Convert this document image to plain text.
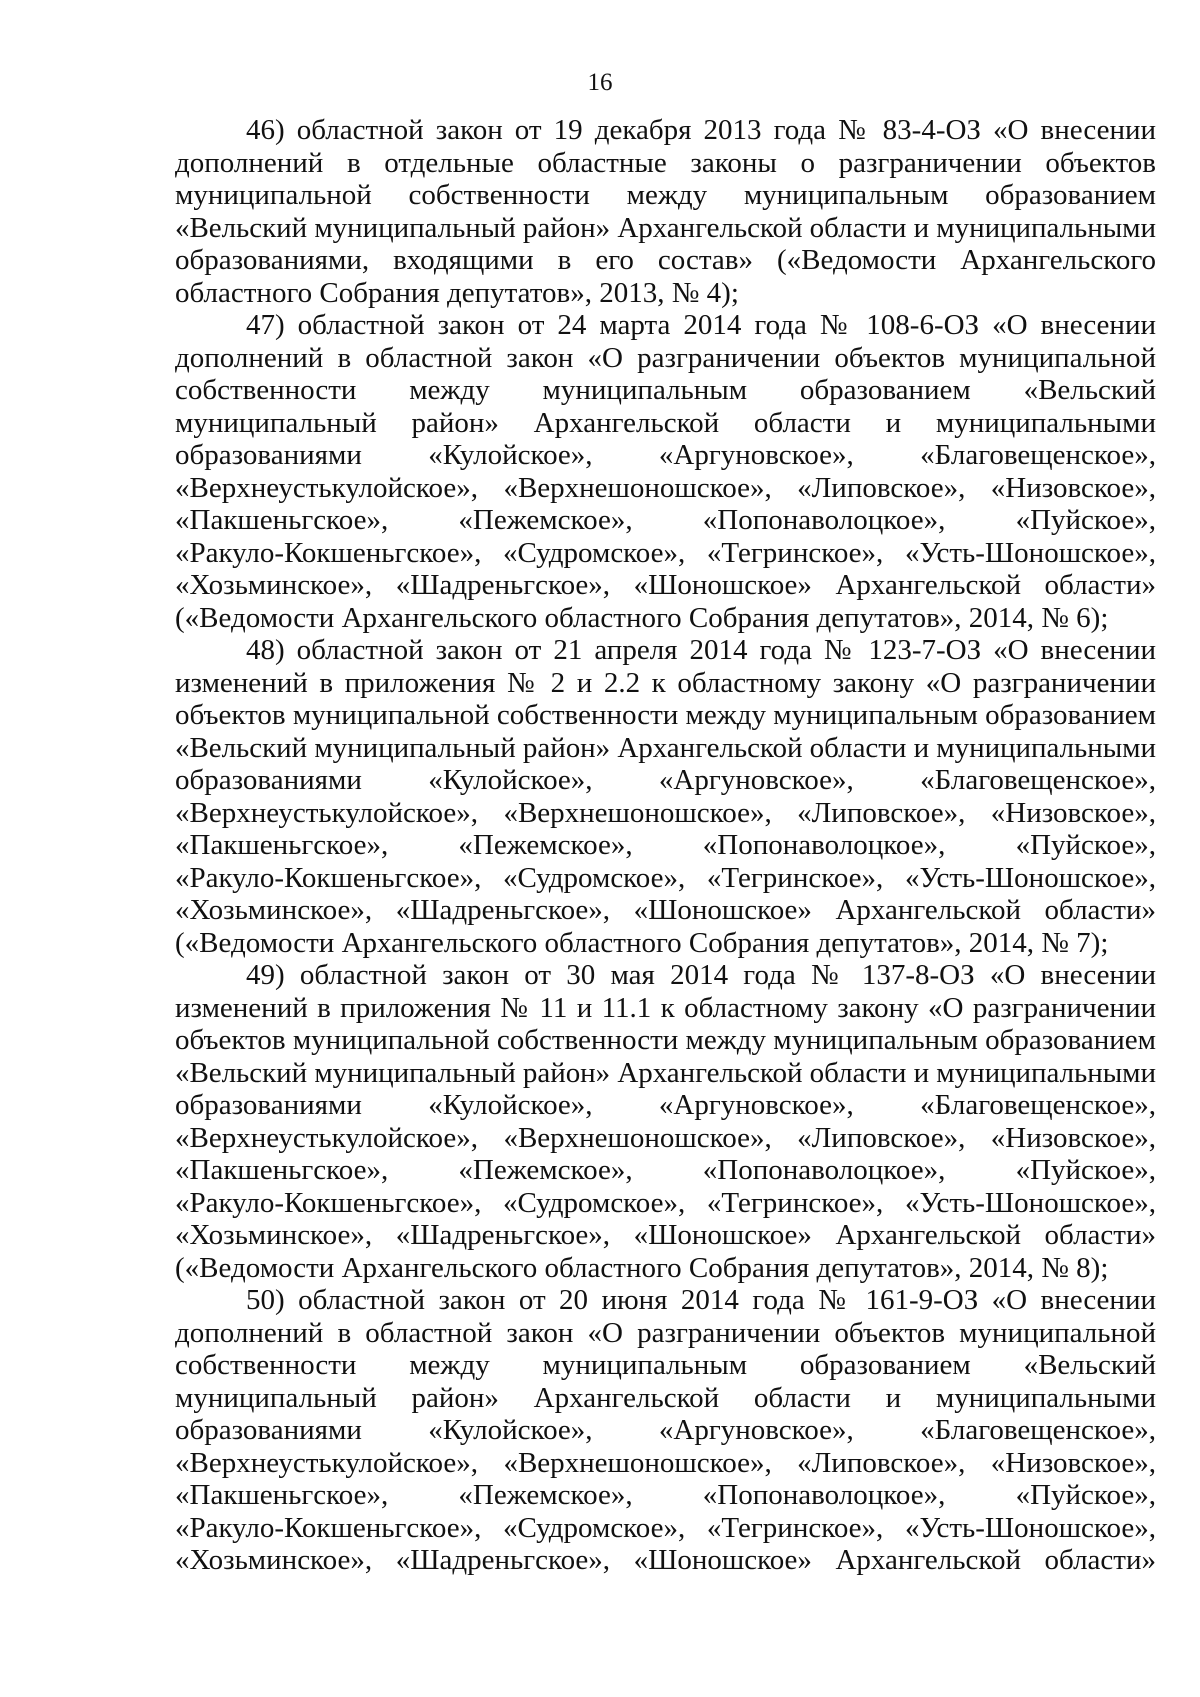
16

46) областной закон от 19 декабря 2013 года № 83-4-ОЗ «О внесении
дополнений в отдельные областные законы о разграничении объектов
муниципальной собственности между муниципальным образованием
«Вельский муниципальный район» Архангельской области и муниципальными
образованиями, входящими в его состав» («Ведомости Архангельского
областного Собрания депутатов», 2013, № 4);

47) областной закон от 24 марта 2014 года № 108-6-ОЗ «О внесении
дополнений в областной закон «О разграничении объектов муниципальной
собственности между муниципальным образованием «Вельский
муниципальный район» Архангельской области и муниципальными
образованиями «Кулойское», «Аргуновское», «Благовещенское»,
«Верхнеустькулойское», «Верхнешоношское», «Липовское», «Низовское»,
«Пакшеньгское», «Пежемское», «Попонаволоцкое», «Пуйское»,
«Ракуло-Кокшеньгское», «Судромское», «Тегринское», «Усть-Шоношское»,
«Хозьминское», «Шадреньгское», «Шоношское» Архангельской области»
(«Ведомости Архангельского областного Собрания депутатов», 2014, № 6);

48) областной закон от 21 апреля 2014 года № 123-7-ОЗ «О внесении
изменений в приложения № 2 и 2.2 к областному закону «О разграничении
объектов муниципальной собственности между муниципальным образованием
«Вельский муниципальный район» Архангельской области и муниципальными
образованиями «Кулойское», «Аргуновское», «Благовещенское»,
«Верхнеустькулойское», «Верхнешоношское», «Липовское», «Низовское»,
«Пакшеньгское», «Пежемское», «Попонаволоцкое», «Пуйское»,
«Ракуло-Кокшеньгское», «Судромское», «Тегринское», «Усть-Шоношское»,
«Хозьминское», «Шадреньгское», «Шоношское» Архангельской области»
(«Ведомости Архангельского областного Собрания депутатов», 2014, № 7);

49) областной закон от 30 мая 2014 года № 137-8-ОЗ «О внесении
изменений в приложения № 11 и 11.1 к областному закону «О разграничении
объектов муниципальной собственности между муниципальным образованием
«Вельский муниципальный район» Архангельской области и муниципальными
образованиями «Кулойское», «Аргуновское», «Благовещенское»,
«Верхнеустькулойское», «Верхнешоношское», «Липовское», «Низовское»,
«Пакшеньгское», «Пежемское», «Попонаволоцкое», «Пуйское»,
«Ракуло-Кокшеньгское», «Судромское», «Тегринское», «Усть-Шоношское»,
«Хозьминское», «Шадреньгское», «Шоношское» Архангельской области»
(«Ведомости Архангельского областного Собрания депутатов», 2014, № 8);

50) областной закон от 20 июня 2014 года № 161-9-ОЗ «О внесении
дополнений в областной закон «О разграничении объектов муниципальной
собственности между муниципальным образованием «Вельский
муниципальный район» Архангельской области и муниципальными
образованиями «Кулойское», «Аргуновское», «Благовещенское»,
«Верхнеустькулойское», «Верхнешоношское», «Липовское», «Низовское»,
«Пакшеньгское», «Пежемское», «Попонаволоцкое», «Пуйское»,
«Ракуло-Кокшеньгское», «Судромское», «Тегринское», «Усть-Шоношское»,
«Хозьминское», «Шадреньгское», «Шоношское» Архангельской области»
